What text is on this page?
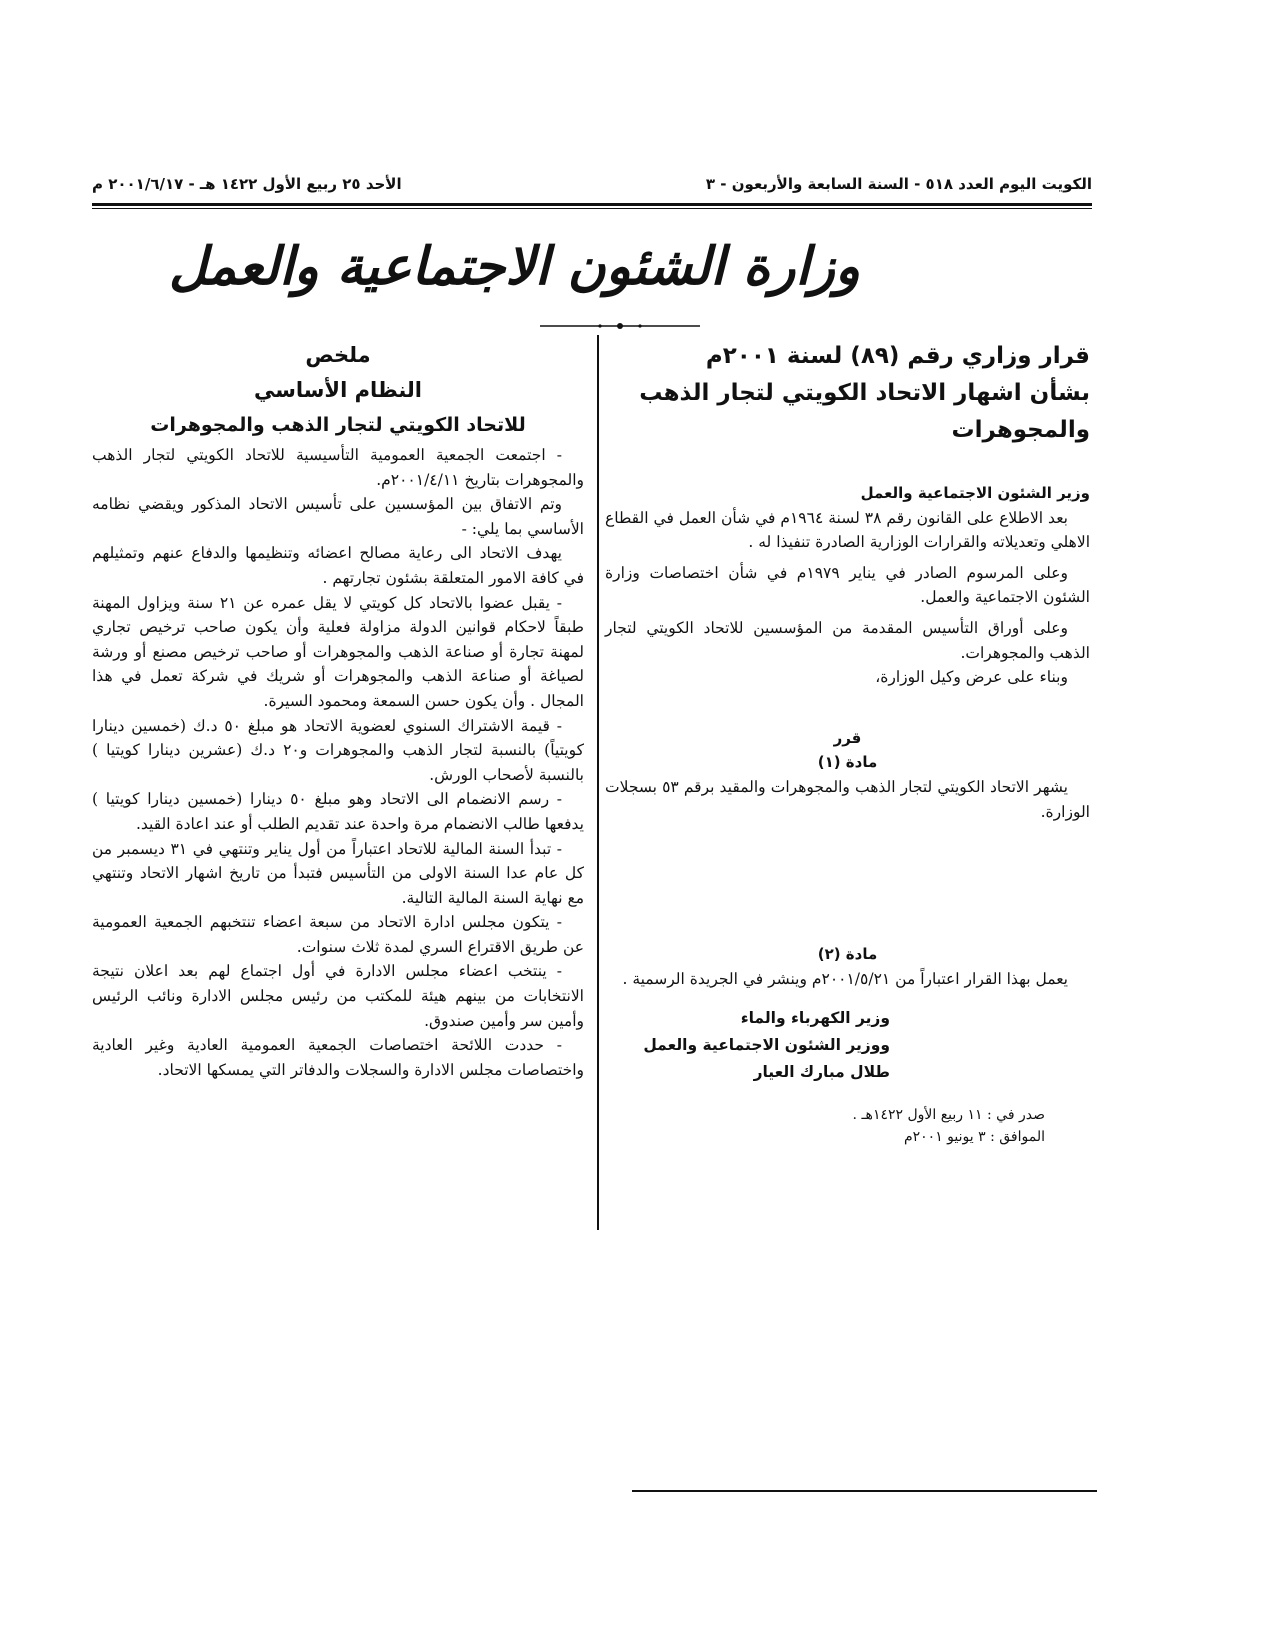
الكويت اليوم العدد ٥١٨ - السنة السابعة والأربعون - ٣
الأحد ٢٥ ربيع الأول ١٤٢٢ هـ - ٢٠٠١/٦/١٧ م
وزارة الشئون الاجتماعية والعمل

قرار وزاري رقم (٨٩) لسنة ٢٠٠١م

بشأن اشهار الاتحاد الكويتي لتجار الذهب

والمجوهرات

وزير الشئون الاجتماعية والعمل

بعد الاطلاع على القانون رقم ٣٨ لسنة ١٩٦٤م في شأن العمل في القطاع الاهلي وتعديلاته والقرارات الوزارية الصادرة تنفيذا له .

وعلى المرسوم الصادر في يناير ١٩٧٩م في شأن اختصاصات وزارة الشئون الاجتماعية والعمل.

وعلى أوراق التأسيس المقدمة من المؤسسين للاتحاد الكويتي لتجار الذهب والمجوهرات.

وبناء على عرض وكيل الوزارة،

قرر

مادة (١)

يشهر الاتحاد الكويتي لتجار الذهب والمجوهرات والمقيد برقم ٥٣ بسجلات الوزارة.

مادة (٢)

يعمل بهذا القرار اعتباراً من ٢٠٠١/٥/٢١م وينشر في الجريدة الرسمية .

وزير الكهرباء والماء

ووزير الشئون الاجتماعية والعمل

طلال مبارك العيار

صدر في : ١١ ربيع الأول ١٤٢٢هـ .

الموافق : ٣ يونيو ٢٠٠١م

ملخص

النظام الأساسي

للاتحاد الكويتي لتجار الذهب والمجوهرات

- اجتمعت الجمعية العمومية التأسيسية للاتحاد الكويتي لتجار الذهب والمجوهرات بتاريخ ٢٠٠١/٤/١١م.

وتم الاتفاق بين المؤسسين على تأسيس الاتحاد المذكور ويقضي نظامه الأساسي بما يلي: -

يهدف الاتحاد الى رعاية مصالح اعضائه وتنظيمها والدفاع عنهم وتمثيلهم في كافة الامور المتعلقة بشئون تجارتهم .

- يقبل عضوا بالاتحاد كل كويتي لا يقل عمره عن ٢١ سنة ويزاول المهنة طبقاً لاحكام قوانين الدولة مزاولة فعلية وأن يكون صاحب ترخيص تجاري لمهنة تجارة أو صناعة الذهب والمجوهرات أو صاحب ترخيص مصنع أو ورشة لصياغة أو صناعة الذهب والمجوهرات أو شريك في شركة تعمل في هذا المجال . وأن يكون حسن السمعة ومحمود السيرة.

- قيمة الاشتراك السنوي لعضوية الاتحاد هو مبلغ ٥٠ د.ك (خمسين دينارا كويتياً) بالنسبة لتجار الذهب والمجوهرات و٢٠ د.ك (عشرين دينارا كويتيا ) بالنسبة لأصحاب الورش.

- رسم الانضمام الى الاتحاد وهو مبلغ ٥٠ دينارا (خمسين دينارا كويتيا ) يدفعها طالب الانضمام مرة واحدة عند تقديم الطلب أو عند اعادة القيد.

- تبدأ السنة المالية للاتحاد اعتباراً من أول يناير وتنتهي في ٣١ ديسمبر من كل عام عدا السنة الاولى من التأسيس فتبدأ من تاريخ اشهار الاتحاد وتنتهي مع نهاية السنة المالية التالية.

- يتكون مجلس ادارة الاتحاد من سبعة اعضاء تنتخبهم الجمعية العمومية عن طريق الاقتراع السري لمدة ثلاث سنوات.

- ينتخب اعضاء مجلس الادارة في أول اجتماع لهم بعد اعلان نتيجة الانتخابات من بينهم هيئة للمكتب من رئيس مجلس الادارة ونائب الرئيس وأمين سر وأمين صندوق.

- حددت اللائحة اختصاصات الجمعية العمومية العادية وغير العادية واختصاصات مجلس الادارة والسجلات والدفاتر التي يمسكها الاتحاد.
